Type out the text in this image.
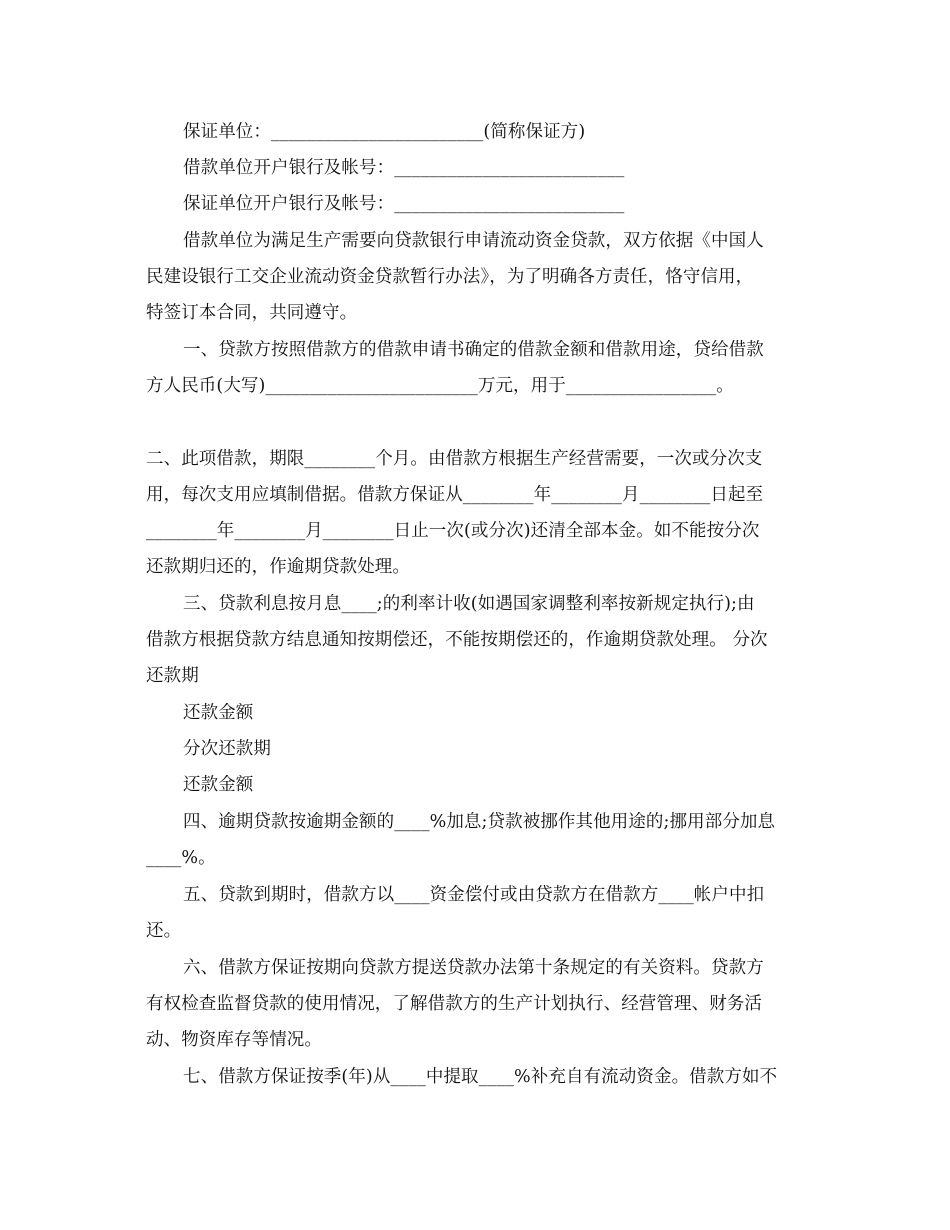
保证单位：________________________(简称保证方)
借款单位开户银行及帐号：__________________________
保证单位开户银行及帐号：__________________________
借款单位为满足生产需要向贷款银行申请流动资金贷款，双方依据《中国人
民建设银行工交企业流动资金贷款暂行办法》，为了明确各方责任，恪守信用，
特签订本合同，共同遵守。
一、贷款方按照借款方的借款申请书确定的借款金额和借款用途，贷给借款
方人民币(大写)________________________万元，用于_________________。
二、此项借款，期限________个月。由借款方根据生产经营需要，一次或分次支
用，每次支用应填制借据。借款方保证从________年________月________日起至
________年________月________日止一次(或分次)还清全部本金。如不能按分次
还款期归还的，作逾期贷款处理。
三、贷款利息按月息____;的利率计收(如遇国家调整利率按新规定执行);由
借款方根据贷款方结息通知按期偿还，不能按期偿还的，作逾期贷款处理。 分次
还款期
还款金额
分次还款期
还款金额
四、逾期贷款按逾期金额的____%加息;贷款被挪作其他用途的;挪用部分加息
____%。
五、贷款到期时，借款方以____资金偿付或由贷款方在借款方____帐户中扣
还。
六、借款方保证按期向贷款方提送贷款办法第十条规定的有关资料。贷款方
有权检查监督贷款的使用情况，了解借款方的生产计划执行、经营管理、财务活
动、物资库存等情况。
七、借款方保证按季(年)从____中提取____%补充自有流动资金。借款方如不
